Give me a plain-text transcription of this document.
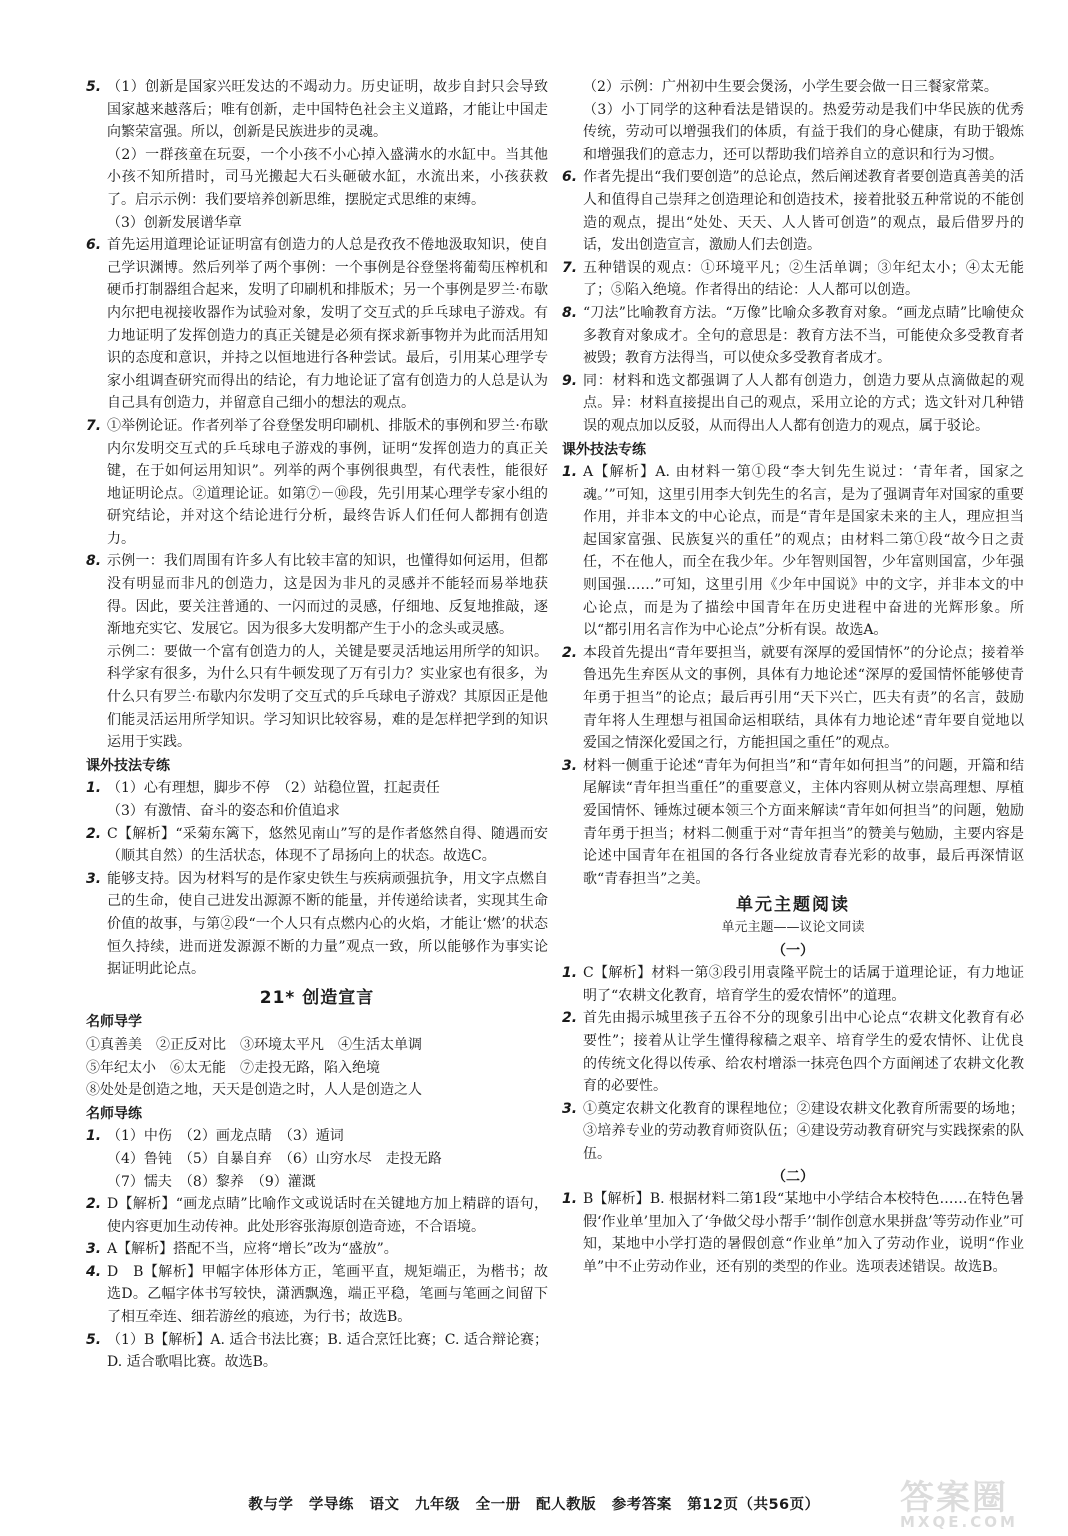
5. （1）创新是国家兴旺发达的不竭动力。历史证明，故步自封只会导致国家越来越落后；唯有创新，走中国特色社会主义道路，才能让中国走向繁荣富强。所以，创新是民族进步的灵魂。

（2）一群孩童在玩耍，一个小孩不小心掉入盛满水的水缸中。当其他小孩不知所措时，司马光搬起大石头砸破水缸，水流出来，小孩获救了。启示示例：我们要培养创新思维，摆脱定式思维的束缚。

（3）创新发展谱华章

6. 首先运用道理论证证明富有创造力的人总是孜孜不倦地汲取知识，使自己学识渊博。然后列举了两个事例：一个事例是谷登堡将葡萄压榨机和硬币打制器组合起来，发明了印刷机和排版术；另一个事例是罗兰·布歇内尔把电视接收器作为试验对象，发明了交互式的乒乓球电子游戏。有力地证明了发挥创造力的真正关键是必须有探求新事物并为此而活用知识的态度和意识，并持之以恒地进行各种尝试。最后，引用某心理学专家小组调查研究而得出的结论，有力地论证了富有创造力的人总是认为自己具有创造力，并留意自己细小的想法的观点。

7. ①举例论证。作者列举了谷登堡发明印刷机、排版术的事例和罗兰·布歇内尔发明交互式的乒乓球电子游戏的事例，证明“发挥创造力的真正关键，在于如何运用知识”。列举的两个事例很典型，有代表性，能很好地证明论点。②道理论证。如第⑦－⑩段，先引用某心理学专家小组的研究结论，并对这个结论进行分析，最终告诉人们任何人都拥有创造力。

8. 示例一：我们周围有许多人有比较丰富的知识，也懂得如何运用，但都没有明显而非凡的创造力，这是因为非凡的灵感并不能轻而易举地获得。因此，要关注普通的、一闪而过的灵感，仔细地、反复地推敲，逐渐地充实它、发展它。因为很多大发明都产生于小的念头或灵感。

示例二：要做一个富有创造力的人，关键是要灵活地运用所学的知识。科学家有很多，为什么只有牛顿发现了万有引力？实业家也有很多，为什么只有罗兰·布歇内尔发明了交互式的乒乓球电子游戏？其原因正是他们能灵活运用所学知识。学习知识比较容易，难的是怎样把学到的知识运用于实践。

课外技法专练
1. （1）心有理想，脚步不停　（2）站稳位置，扛起责任

（3）有激情、奋斗的姿态和价值追求

2. C【解析】“采菊东篱下，悠然见南山”写的是作者悠然自得、随遇而安（顺其自然）的生活状态，体现不了昂扬向上的状态。故选C。

3. 能够支持。因为材料写的是作家史铁生与疾病顽强抗争，用文字点燃自己的生命，使自己进发出源源不断的能量，并传递给读者，实现其生命价值的故事，与第②段“一个人只有点燃内心的火焰，才能让‘燃’的状态恒久持续，进而迸发源源不断的力量”观点一致，所以能够作为事实论据证明此论点。

21* 创造宣言
名师导学

①真善美　②正反对比　③环境太平凡　④生活太单调

⑤年纪太小　⑥太无能　⑦走投无路，陷入绝境

⑧处处是创造之地，天天是创造之时，人人是创造之人

名师导练
1. （1）中伤　（2）画龙点睛　（3）遁词

（4）鲁钝　（5）自暴自弃　（6）山穷水尽　走投无路

（7）懦夫　（8）黎养　（9）灌溉

2. D【解析】“画龙点睛”比喻作文或说话时在关键地方加上精辟的语句，使内容更加生动传神。此处形容张海原创造奇迹，不合语境。

3. A【解析】搭配不当，应将“增长”改为“盛放”。

4. D　B【解析】甲幅字体形体方正，笔画平直，规矩端正，为楷书；故选D。乙幅字体书写较快，潇洒飘逸，端正平稳，笔画与笔画之间留下了相互牵连、细若游丝的痕迹，为行书；故选B。

5. （1）B【解析】A. 适合书法比赛；B. 适合烹饪比赛；C. 适合辩论赛；D. 适合歌唱比赛。故选B。

（2）示例：广州初中生要会煲汤，小学生要会做一日三餐家常菜。

（3）小丁同学的这种看法是错误的。热爱劳动是我们中华民族的优秀传统，劳动可以增强我们的体质，有益于我们的身心健康，有助于锻炼和增强我们的意志力，还可以帮助我们培养自立的意识和行为习惯。

6. 作者先提出“我们要创造”的总论点，然后阐述教育者要创造真善美的活人和值得自己崇拜之创造理论和创造技术，接着批驳五种常说的不能创造的观点，提出“处处、天天、人人皆可创造”的观点，最后借罗丹的话，发出创造宣言，激励人们去创造。

7. 五种错误的观点：①环境平凡；②生活单调；③年纪太小；④太无能了；⑤陷入绝境。作者得出的结论：人人都可以创造。

8. “刀法”比喻教育方法。“万像”比喻众多教育对象。“画龙点睛”比喻使众多教育对象成才。全句的意思是：教育方法不当，可能使众多受教育者被毁；教育方法得当，可以使众多受教育者成才。

9. 同：材料和选文都强调了人人都有创造力，创造力要从点滴做起的观点。异：材料直接提出自己的观点，采用立论的方式；选文针对几种错误的观点加以反驳，从而得出人人都有创造力的观点，属于驳论。

课外技法专练
1. A【解析】A. 由材料一第①段“李大钊先生说过：‘青年者，国家之魂。’”可知，这里引用李大钊先生的名言，是为了强调青年对国家的重要作用，并非本文的中心论点，而是“青年是国家未来的主人，理应担当起国家富强、民族复兴的重任”的观点；由材料二第①段“故今日之责任，不在他人，而全在我少年。少年智则国智，少年富则国富，少年强则国强……”可知，这里引用《少年中国说》中的文字，并非本文的中心论点，而是为了描绘中国青年在历史进程中奋进的光辉形象。所以“都引用名言作为中心论点”分析有误。故选A。

2. 本段首先提出“青年要担当，就要有深厚的爱国情怀”的分论点；接着举鲁迅先生弃医从文的事例，具体有力地论述“深厚的爱国情怀能够使青年勇于担当”的论点；最后再引用“天下兴亡，匹夫有责”的名言，鼓励青年将人生理想与祖国命运相联结，具体有力地论述“青年要自觉地以爱国之情深化爱国之行，方能担国之重任”的观点。

3. 材料一侧重于论述“青年为何担当”和“青年如何担当”的问题，开篇和结尾解读“青年担当重任”的重要意义，主体内容则从树立崇高理想、厚植爱国情怀、锤炼过硬本领三个方面来解读“青年如何担当”的问题，勉励青年勇于担当；材料二侧重于对“青年担当”的赞美与勉励，主要内容是论述中国青年在祖国的各行各业绽放青春光彩的故事，最后再深情讴歌“青春担当”之美。

单元主题阅读
单元主题——议论文同读
（一）
1. C【解析】材料一第③段引用袁隆平院士的话属于道理论证，有力地证明了“农耕文化教育，培育学生的爱农情怀”的道理。

2. 首先由揭示城里孩子五谷不分的现象引出中心论点“农耕文化教育有必要性”；接着从让学生懂得稼穑之艰辛、培育学生的爱农情怀、让优良的传统文化得以传承、给农村增添一抹亮色四个方面阐述了农耕文化教育的必要性。

3. ①奠定农耕文化教育的课程地位；②建设农耕文化教育所需要的场地；③培养专业的劳动教育师资队伍；④建设劳动教育研究与实践探索的队伍。

（二）
1. B【解析】B. 根据材料二第1段“某地中小学结合本校特色……在特色暑假‘作业单’里加入了‘争做父母小帮手’‘制作创意水果拼盘’等劳动作业”可知，某地中小学打造的暑假创意“作业单”加入了劳动作业，说明“作业单”中不止劳动作业，还有别的类型的作业。选项表述错误。故选B。

教与学 学导练 语文 九年级 全一册 配人教版 参考答案 第12页（共56页）	答案圈
MXQE.COM
